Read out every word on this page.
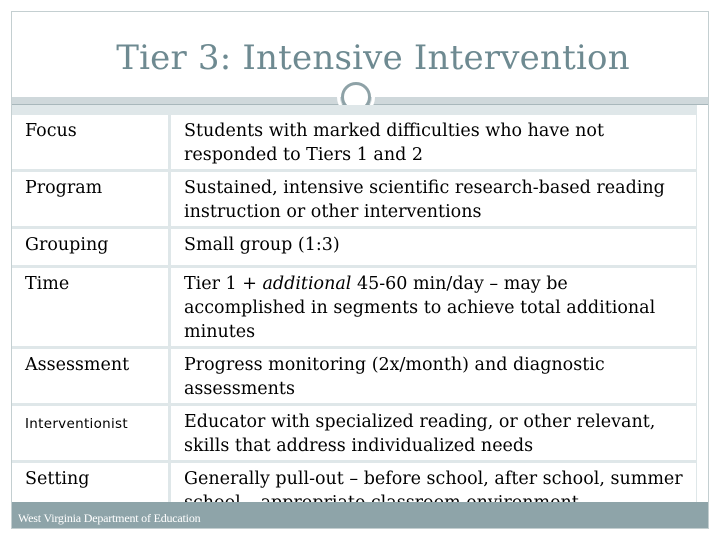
Tier 3: Intensive Intervention
Focus	Students with marked difficulties who have not responded to Tiers 1 and 2
Program	Sustained, intensive scientific research-based reading instruction or other interventions
Grouping	Small group (1:3)
Time	Tier 1 + additional 45-60 min/day – may be accomplished in segments to achieve total additional minutes
Assessment	Progress monitoring (2x/month) and diagnostic assessments
Interventionist	Educator with specialized reading, or other relevant, skills that address individualized needs
Setting	Generally pull-out – before school, after school, summer
West Virginia Department of Education
